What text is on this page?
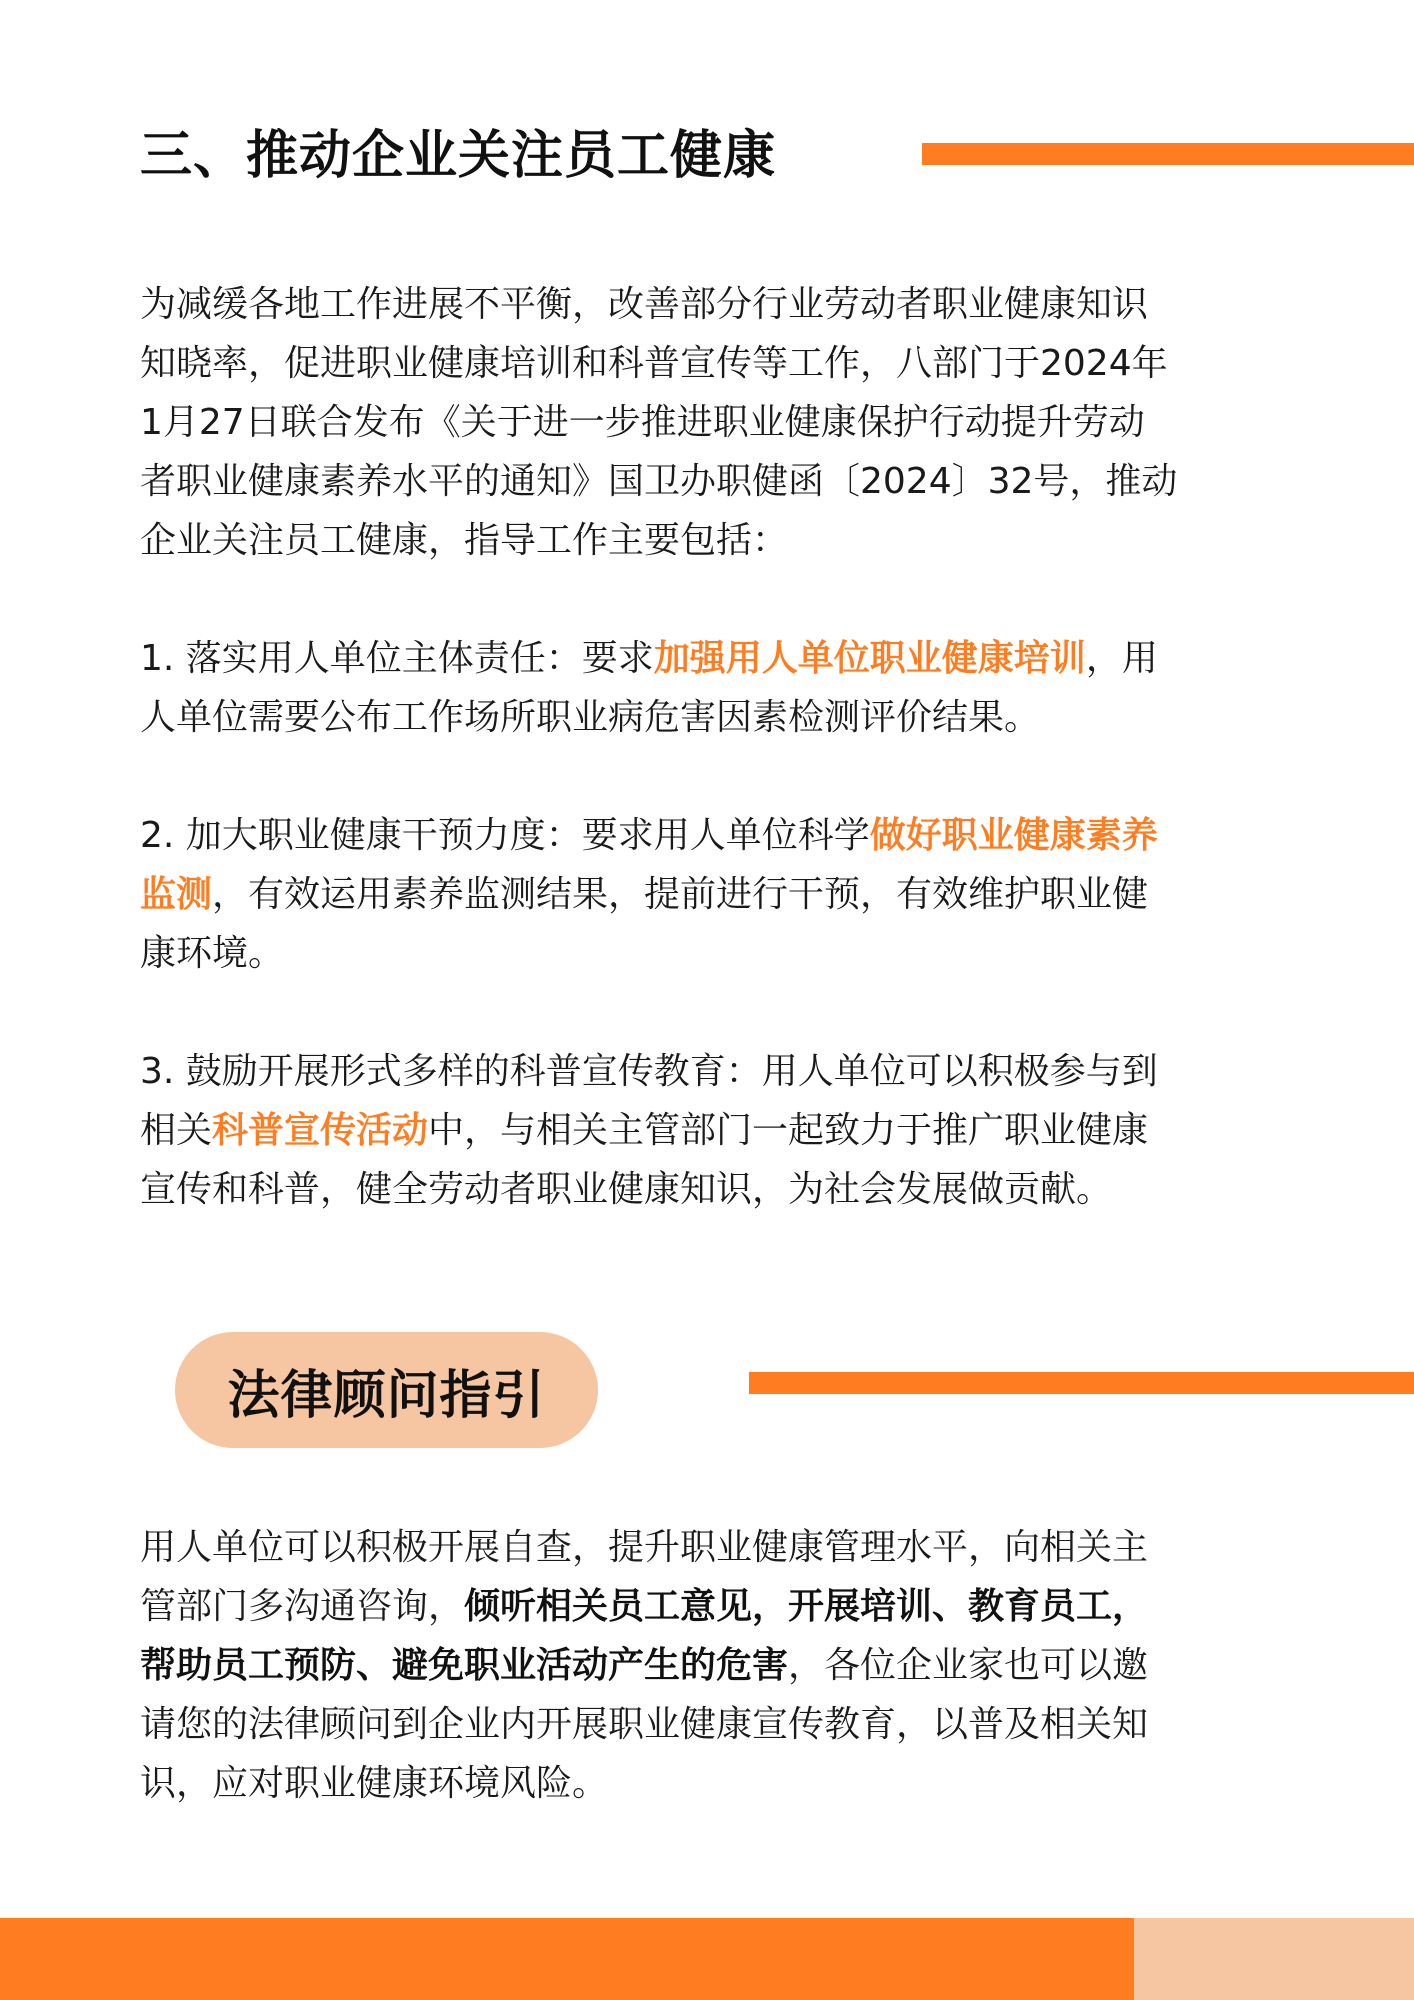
三、推动企业关注员工健康

为减缓各地工作进展不平衡，改善部分行业劳动者职业健康知识

知晓率，促进职业健康培训和科普宣传等工作，八部门于2024年

1月27日联合发布《关于进一步推进职业健康保护行动提升劳动

者职业健康素养水平的通知》国卫办职健函〔2024〕32号，推动

企业关注员工健康，指导工作主要包括：

1. 落实用人单位主体责任：要求加强用人单位职业健康培训，用

人单位需要公布工作场所职业病危害因素检测评价结果。

2. 加大职业健康干预力度：要求用人单位科学做好职业健康素养

监测，有效运用素养监测结果，提前进行干预，有效维护职业健

康环境。

3. 鼓励开展形式多样的科普宣传教育：用人单位可以积极参与到

相关科普宣传活动中，与相关主管部门一起致力于推广职业健康

宣传和科普，健全劳动者职业健康知识，为社会发展做贡献。

法律顾问指引

用人单位可以积极开展自查，提升职业健康管理水平，向相关主

管部门多沟通咨询，倾听相关员工意见，开展培训、教育员工，

帮助员工预防、避免职业活动产生的危害，各位企业家也可以邀

请您的法律顾问到企业内开展职业健康宣传教育，以普及相关知

识，应对职业健康环境风险。
